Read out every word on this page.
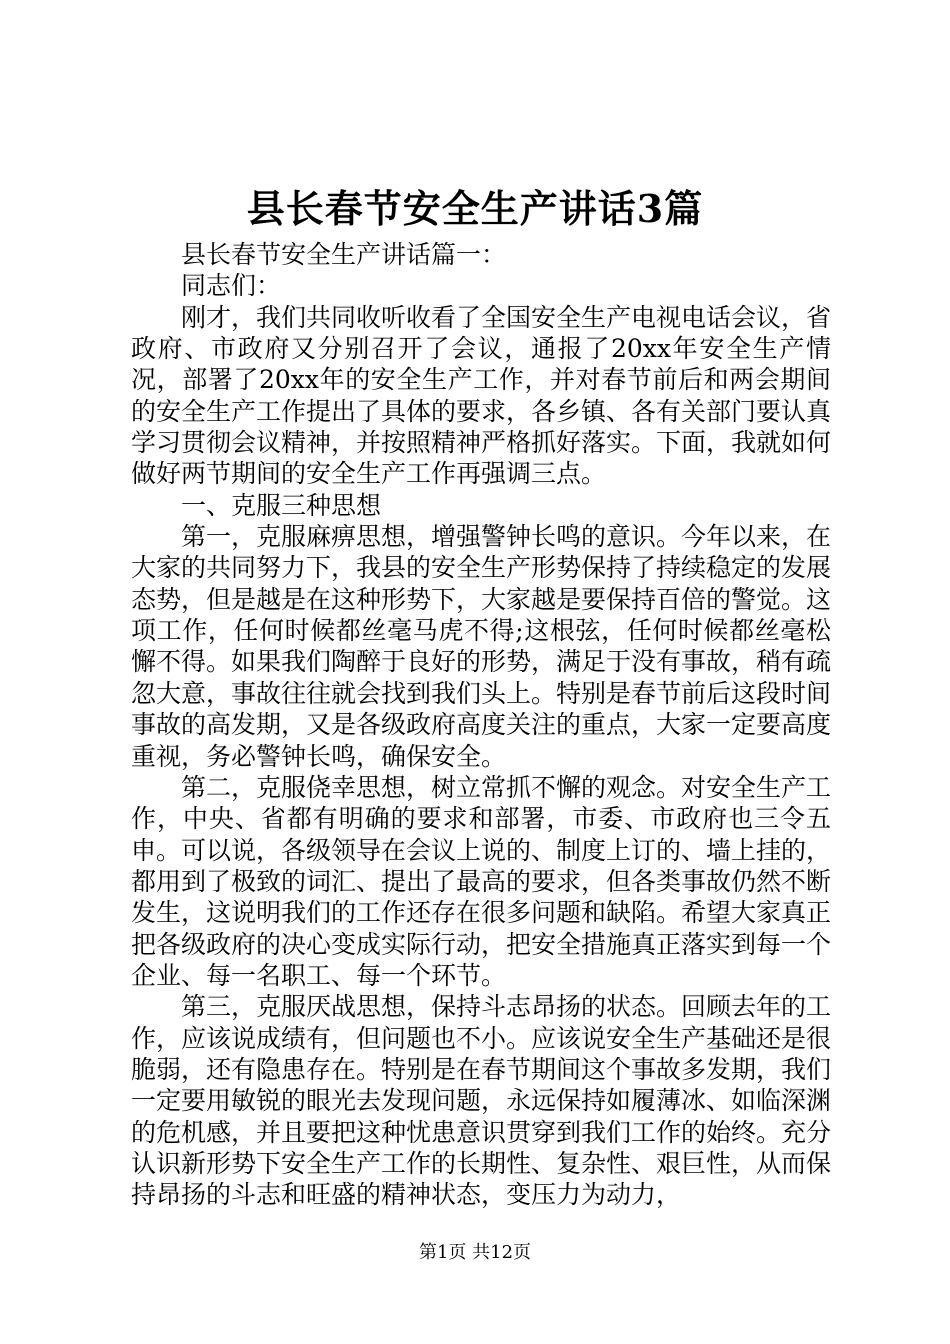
县长春节安全生产讲话3篇

县长春节安全生产讲话篇一：

同志们：

刚才，我们共同收听收看了全国安全生产电视电话会议，省政府、市政府又分别召开了会议，通报了20xx年安全生产情况，部署了20xx年的安全生产工作，并对春节前后和两会期间的安全生产工作提出了具体的要求，各乡镇、各有关部门要认真学习贯彻会议精神，并按照精神严格抓好落实。下面，我就如何做好两节期间的安全生产工作再强调三点。

一、克服三种思想

第一，克服麻痹思想，增强警钟长鸣的意识。今年以来，在大家的共同努力下，我县的安全生产形势保持了持续稳定的发展态势，但是越是在这种形势下，大家越是要保持百倍的警觉。这项工作，任何时候都丝毫马虎不得;这根弦，任何时候都丝毫松懈不得。如果我们陶醉于良好的形势，满足于没有事故，稍有疏忽大意，事故往往就会找到我们头上。特别是春节前后这段时间事故的高发期，又是各级政府高度关注的重点，大家一定要高度重视，务必警钟长鸣，确保安全。

第二，克服侥幸思想，树立常抓不懈的观念。对安全生产工作，中央、省都有明确的要求和部署，市委、市政府也三令五申。可以说，各级领导在会议上说的、制度上订的、墙上挂的，都用到了极致的词汇、提出了最高的要求，但各类事故仍然不断发生，这说明我们的工作还存在很多问题和缺陷。希望大家真正把各级政府的决心变成实际行动，把安全措施真正落实到每一个企业、每一名职工、每一个环节。

第三，克服厌战思想，保持斗志昂扬的状态。回顾去年的工作，应该说成绩有，但问题也不小。应该说安全生产基础还是很脆弱，还有隐患存在。特别是在春节期间这个事故多发期，我们一定要用敏锐的眼光去发现问题，永远保持如履薄冰、如临深渊的危机感，并且要把这种忧患意识贯穿到我们工作的始终。充分认识新形势下安全生产工作的长期性、复杂性、艰巨性，从而保持昂扬的斗志和旺盛的精神状态，变压力为动力，

第1页 共12页
